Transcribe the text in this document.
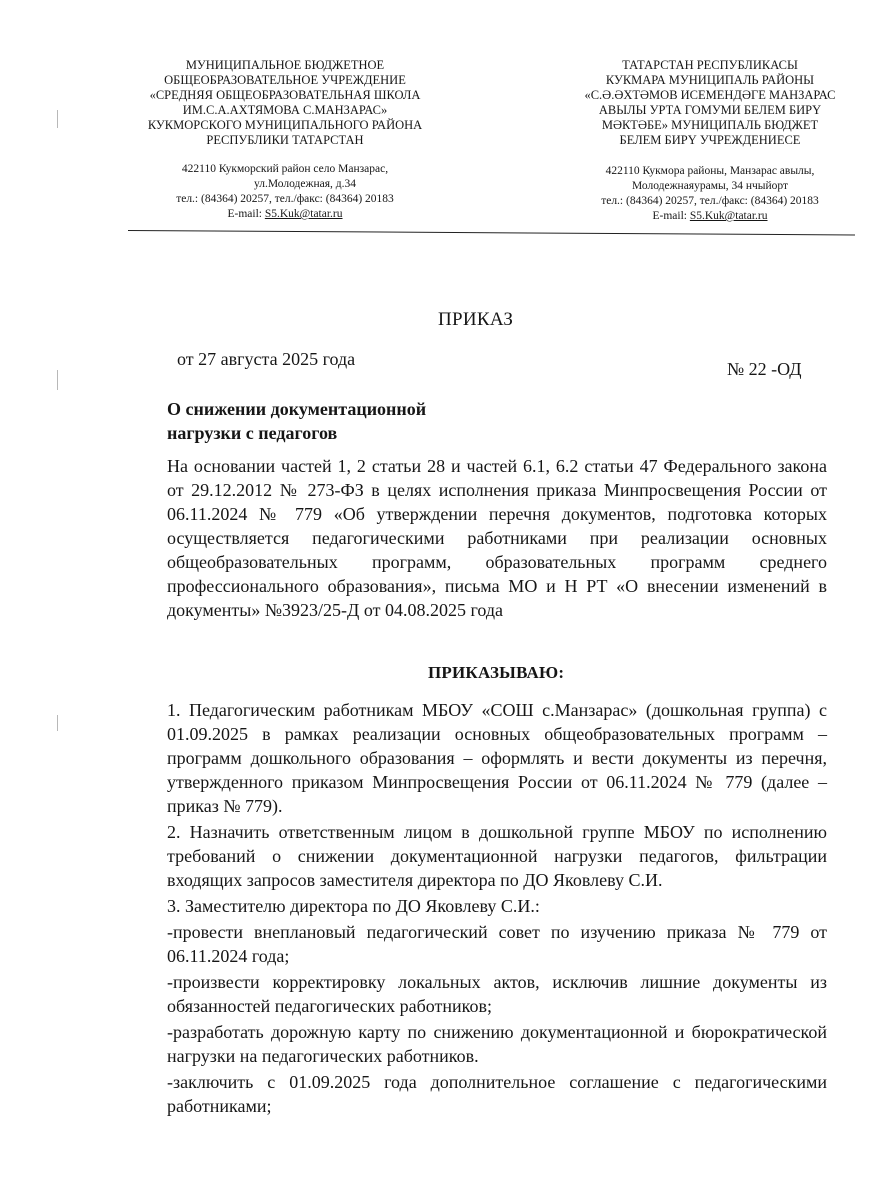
МУНИЦИПАЛЬНОЕ БЮДЖЕТНОЕ
ОБЩЕОБРАЗОВАТЕЛЬНОЕ УЧРЕЖДЕНИЕ
«СРЕДНЯЯ ОБЩЕОБРАЗОВАТЕЛЬНАЯ ШКОЛА
ИМ.С.А.АХТЯМОВА С.МАНЗАРАС»
КУКМОРСКОГО МУНИЦИПАЛЬНОГО РАЙОНА
РЕСПУБЛИКИ ТАТАРСТАН
422110 Кукморский район село Манзарас,
ул.Молодежная, д.34
тел.: (84364) 20257, тел./факс: (84364) 20183
E-mail: S5.Kuk@tatar.ru
ТАТАРСТАН РЕСПУБЛИКАСЫ
КУКМАРА МУНИЦИПАЛЬ РАЙОНЫ
«С.Ә.ӘХТӘМОВ ИСЕМЕНДӘГЕ МАНЗАРАС
АВЫЛЫ УРТА ГОМУМИ БЕЛЕМ БИРҮ
МӘКТӘБЕ» МУНИЦИПАЛЬ БЮДЖЕТ
БЕЛЕМ БИРҮ УЧРЕЖДЕНИЕСЕ
422110 Кукмора районы, Манзарас авылы,
Молодежнаяурамы, 34 нчыйорт
тел.: (84364) 20257, тел./факс: (84364) 20183
E-mail: S5.Kuk@tatar.ru
ПРИКАЗ
от 27 августа 2025 года	№ 22 -ОД
О снижении документационной
нагрузки с педагогов
На основании частей 1, 2 статьи 28 и частей 6.1, 6.2 статьи 47 Федерального закона от 29.12.2012 № 273-ФЗ в целях исполнения приказа Минпросвещения России от 06.11.2024 № 779 «Об утверждении перечня документов, подготовка которых осуществляется педагогическими работниками при реализации основных общеобразовательных программ, образовательных программ среднего профессионального образования», письма МО и Н РТ «О внесении изменений в документы» №3923/25-Д от 04.08.2025 года
ПРИКАЗЫВАЮ:

1. Педагогическим работникам МБОУ «СОШ с.Манзарас» (дошкольная группа) с 01.09.2025 в рамках реализации основных общеобразовательных программ – программ дошкольного образования – оформлять и вести документы из перечня, утвержденного приказом Минпросвещения России от 06.11.2024 № 779 (далее – приказ № 779).

2. Назначить ответственным лицом в дошкольной группе МБОУ по исполнению требований о снижении документационной нагрузки педагогов, фильтрации входящих запросов заместителя директора по ДО Яковлеву С.И.

3. Заместителю директора по ДО Яковлеву С.И.:

-провести внеплановый педагогический совет по изучению приказа № 779 от 06.11.2024 года;

-произвести корректировку локальных актов, исключив лишние документы из обязанностей педагогических работников;

-разработать дорожную карту по снижению документационной и бюрократической нагрузки на педагогических работников.

-заключить с 01.09.2025 года дополнительное соглашение с педагогическими работниками;
